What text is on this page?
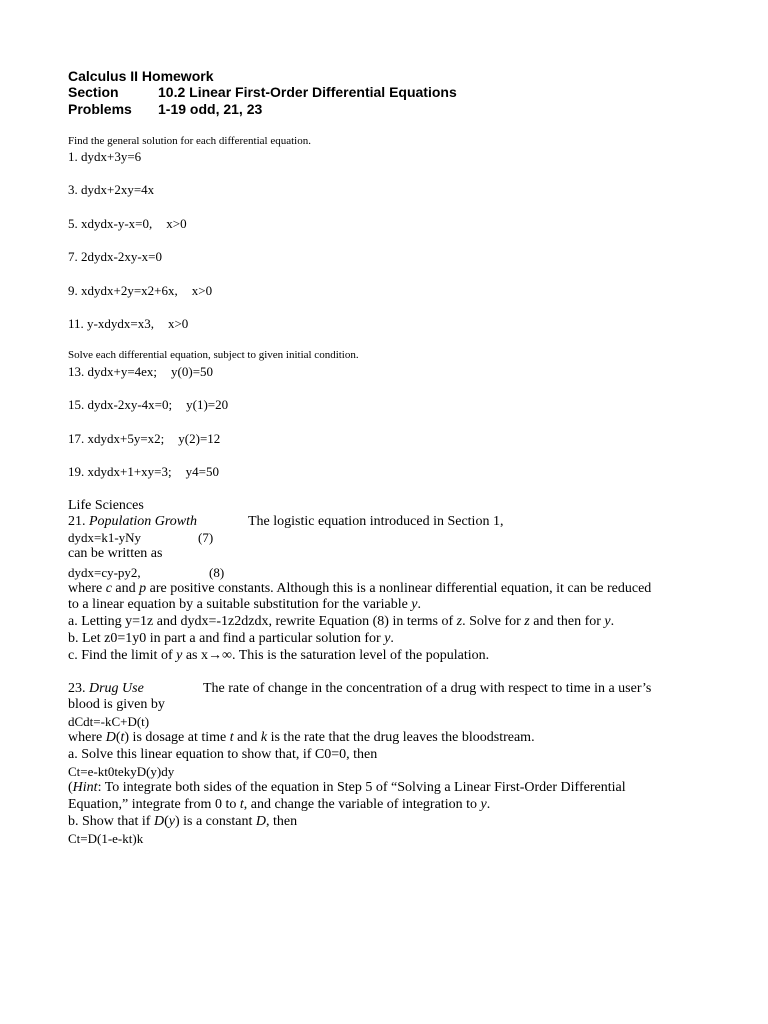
Calculus II Homework
Section	10.2 Linear First-Order Differential Equations
Problems 1-19 odd, 21, 23
Find the general solution for each differential equation.
1. dydx+3y=6
3. dydx+2xy=4x
5. xdydx-y-x=0, x>0
7. 2dydx-2xy-x=0
9. xdydx+2y=x2+6x, x>0
11. y-xdydx=x3, x>0
Solve each differential equation, subject to given initial condition.
13. dydx+y=4ex; y(0)=50
15. dydx-2xy-4x=0; y(1)=20
17. xdydx+5y=x2; y(2)=12
19. xdydx+1+xy=3; y4=50
Life Sciences
21. Population Growth	The logistic equation introduced in Section 1,
dydx=k1-yNy	(7)
can be written as
dydx=cy-py2,	(8)
where c and p are positive constants. Although this is a nonlinear differential equation, it can be reduced
to a linear equation by a suitable substitution for the variable y.
a. Letting y=1z and dydx=-1z2dzdx, rewrite Equation (8) in terms of z. Solve for z and then for y.
b. Let z0=1y0 in part a and find a particular solution for y.
c. Find the limit of y as x→∞. This is the saturation level of the population.
23. Drug Use	The rate of change in the concentration of a drug with respect to time in a user’s
blood is given by
dCdt=-kC+D(t)
where D(t) is dosage at time t and k is the rate that the drug leaves the bloodstream.
a. Solve this linear equation to show that, if C0=0, then
Ct=e-kt0tekyD(y)dy
(Hint: To integrate both sides of the equation in Step 5 of “Solving a Linear First-Order Differential
Equation,” integrate from 0 to t, and change the variable of integration to y.
b. Show that if D(y) is a constant D, then
Ct=D(1-e-kt)k
